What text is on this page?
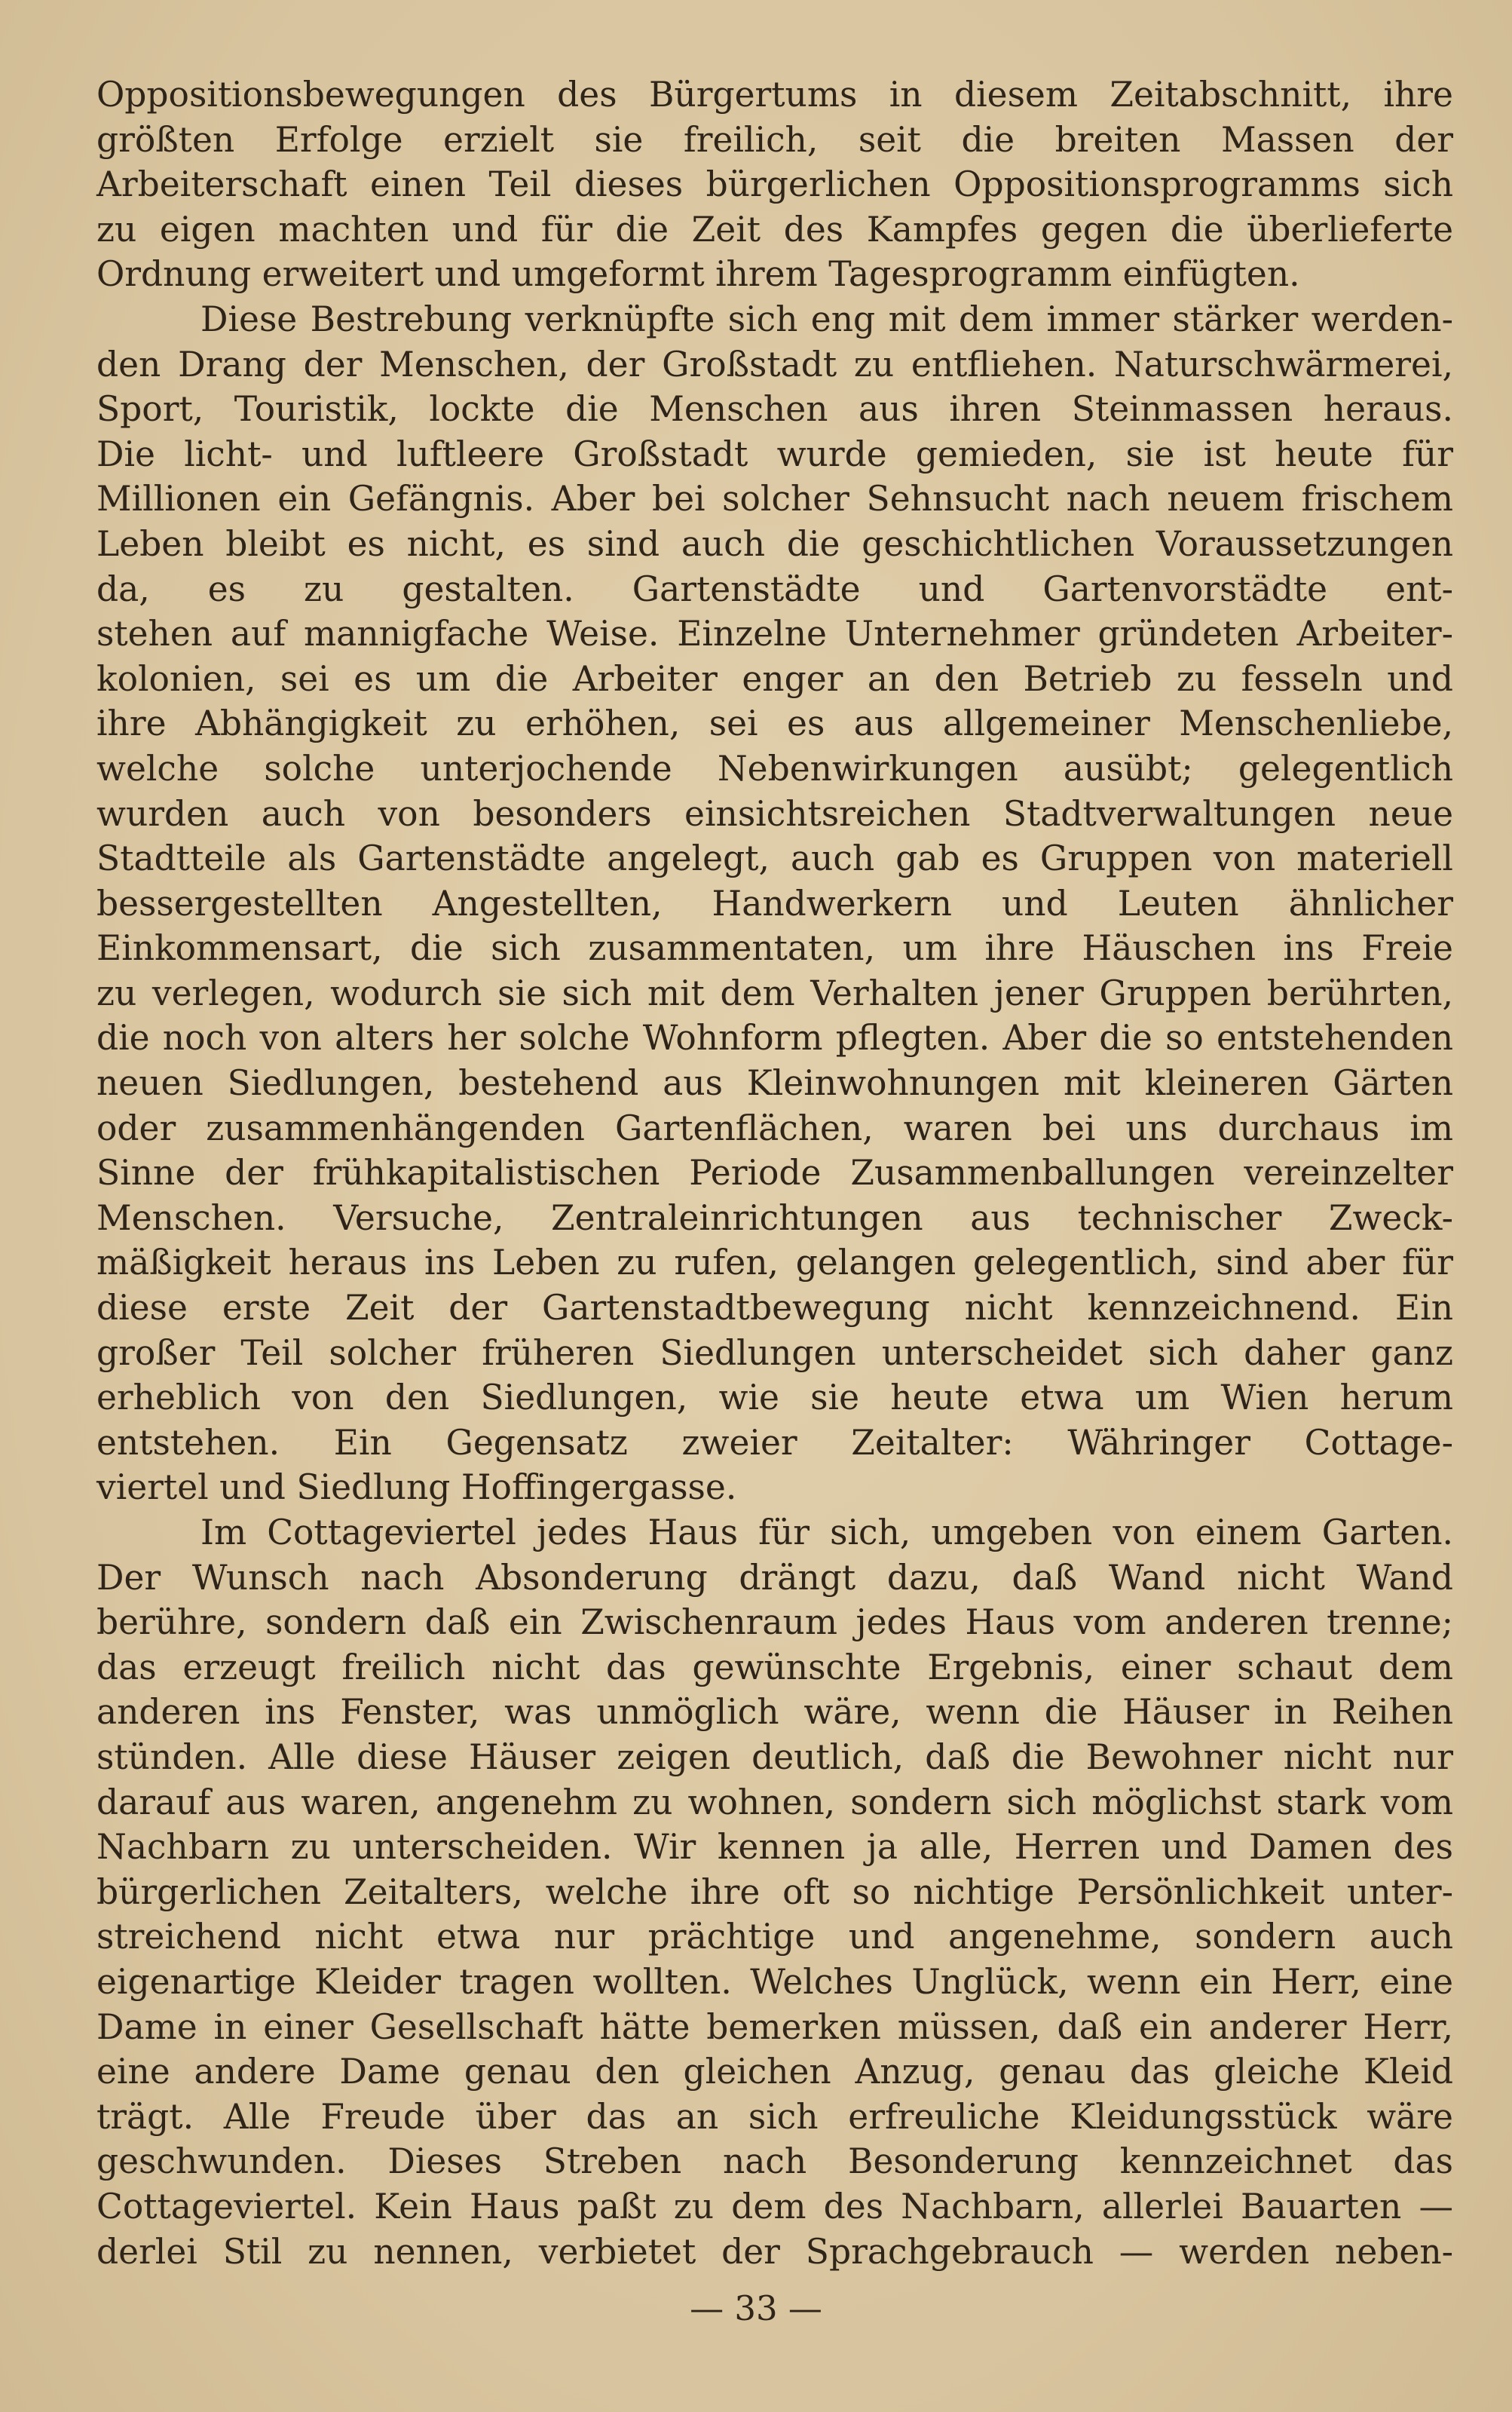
Oppositionsbewegungen des Bürgertums in diesem Zeitabschnitt, ihre
größten Erfolge erzielt sie freilich, seit die breiten Massen der
Arbeiterschaft einen Teil dieses bürgerlichen Oppositionsprogramms sich
zu eigen machten und für die Zeit des Kampfes gegen die überlieferte
Ordnung erweitert und umgeformt ihrem Tagesprogramm einfügten.
Diese Bestrebung verknüpfte sich eng mit dem immer stärker werden-
den Drang der Menschen, der Großstadt zu entfliehen. Naturschwärmerei,
Sport, Touristik, lockte die Menschen aus ihren Steinmassen heraus.
Die licht- und luftleere Großstadt wurde gemieden, sie ist heute für
Millionen ein Gefängnis. Aber bei solcher Sehnsucht nach neuem frischem
Leben bleibt es nicht, es sind auch die geschichtlichen Voraussetzungen
da, es zu gestalten. Gartenstädte und Gartenvorstädte ent-
stehen auf mannigfache Weise. Einzelne Unternehmer gründeten Arbeiter-
kolonien, sei es um die Arbeiter enger an den Betrieb zu fesseln und
ihre Abhängigkeit zu erhöhen, sei es aus allgemeiner Menschenliebe,
welche solche unterjochende Nebenwirkungen ausübt; gelegentlich
wurden auch von besonders einsichtsreichen Stadtverwaltungen neue
Stadtteile als Gartenstädte angelegt, auch gab es Gruppen von materiell
bessergestellten Angestellten, Handwerkern und Leuten ähnlicher
Einkommensart, die sich zusammentaten, um ihre Häuschen ins Freie
zu verlegen, wodurch sie sich mit dem Verhalten jener Gruppen berührten,
die noch von alters her solche Wohnform pflegten. Aber die so entstehenden
neuen Siedlungen, bestehend aus Kleinwohnungen mit kleineren Gärten
oder zusammenhängenden Gartenflächen, waren bei uns durchaus im
Sinne der frühkapitalistischen Periode Zusammenballungen vereinzelter
Menschen. Versuche, Zentraleinrichtungen aus technischer Zweck-
mäßigkeit heraus ins Leben zu rufen, gelangen gelegentlich, sind aber für
diese erste Zeit der Gartenstadtbewegung nicht kennzeichnend. Ein
großer Teil solcher früheren Siedlungen unterscheidet sich daher ganz
erheblich von den Siedlungen, wie sie heute etwa um Wien herum
entstehen. Ein Gegensatz zweier Zeitalter: Währinger Cottage-
viertel und Siedlung Hoffingergasse.
Im Cottageviertel jedes Haus für sich, umgeben von einem Garten.
Der Wunsch nach Absonderung drängt dazu, daß Wand nicht Wand
berühre, sondern daß ein Zwischenraum jedes Haus vom anderen trenne;
das erzeugt freilich nicht das gewünschte Ergebnis, einer schaut dem
anderen ins Fenster, was unmöglich wäre, wenn die Häuser in Reihen
stünden. Alle diese Häuser zeigen deutlich, daß die Bewohner nicht nur
darauf aus waren, angenehm zu wohnen, sondern sich möglichst stark vom
Nachbarn zu unterscheiden. Wir kennen ja alle, Herren und Damen des
bürgerlichen Zeitalters, welche ihre oft so nichtige Persönlichkeit unter-
streichend nicht etwa nur prächtige und angenehme, sondern auch
eigenartige Kleider tragen wollten. Welches Unglück, wenn ein Herr, eine
Dame in einer Gesellschaft hätte bemerken müssen, daß ein anderer Herr,
eine andere Dame genau den gleichen Anzug, genau das gleiche Kleid
trägt. Alle Freude über das an sich erfreuliche Kleidungsstück wäre
geschwunden. Dieses Streben nach Besonderung kennzeichnet das
Cottageviertel. Kein Haus paßt zu dem des Nachbarn, allerlei Bauarten —
derlei Stil zu nennen, verbietet der Sprachgebrauch — werden neben-
— 33 —
